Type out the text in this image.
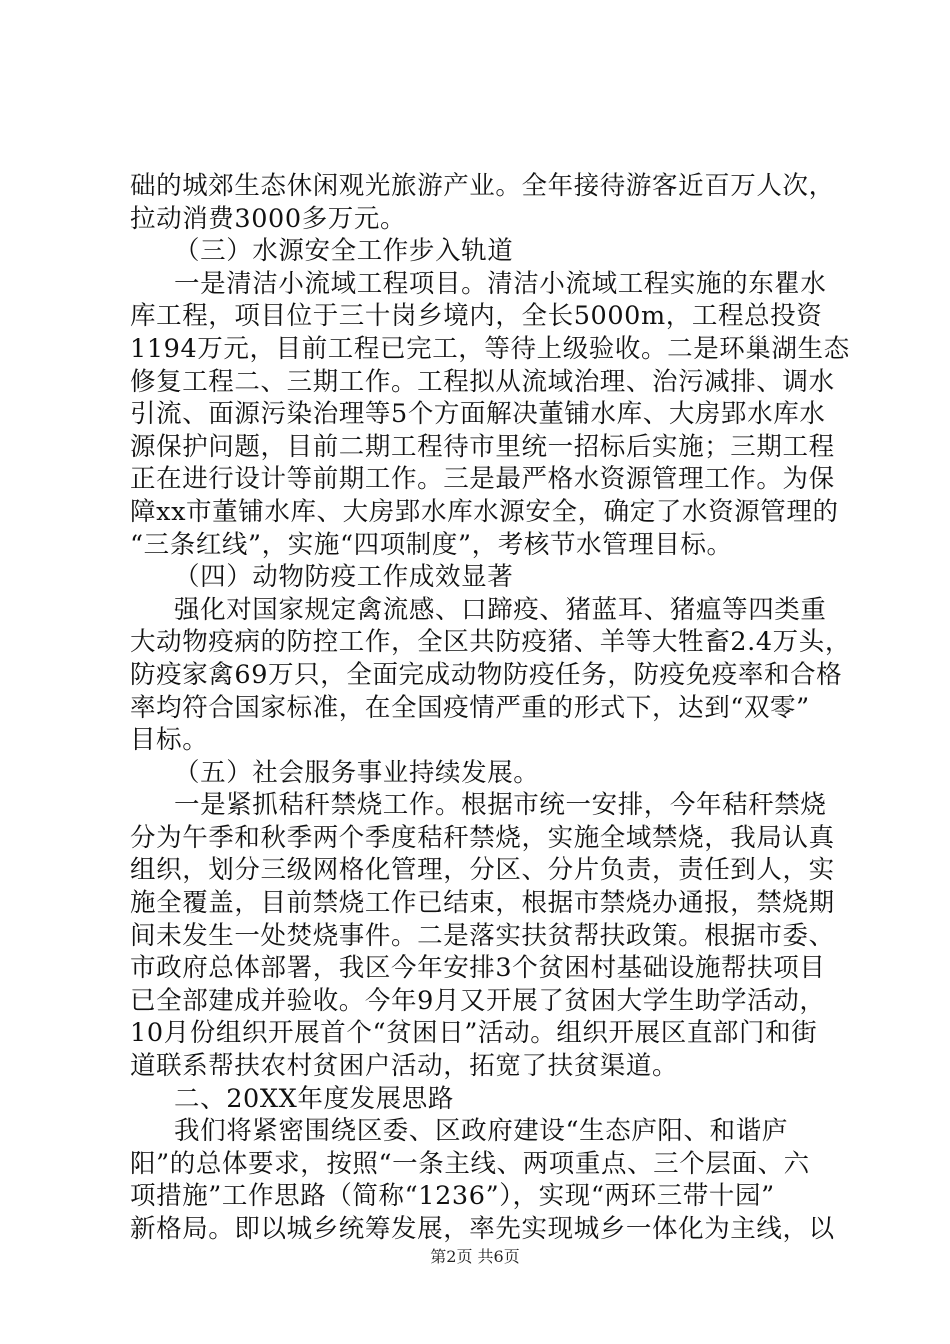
础的城郊生态休闲观光旅游产业。全年接待游客近百万人次，
拉动消费3000多万元。
（三）水源安全工作步入轨道
一是清洁小流域工程项目。清洁小流域工程实施的东瞿水
库工程，项目位于三十岗乡境内，全长5000m，工程总投资
1194万元，目前工程已完工，等待上级验收。二是环巢湖生态
修复工程二、三期工作。工程拟从流域治理、治污减排、调水
引流、面源污染治理等5个方面解决董铺水库、大房郢水库水
源保护问题，目前二期工程待市里统一招标后实施；三期工程
正在进行设计等前期工作。三是最严格水资源管理工作。为保
障xx市董铺水库、大房郢水库水源安全，确定了水资源管理的
“三条红线”，实施“四项制度”，考核节水管理目标。
（四）动物防疫工作成效显著
强化对国家规定禽流感、口蹄疫、猪蓝耳、猪瘟等四类重
大动物疫病的防控工作，全区共防疫猪、羊等大牲畜2.4万头，
防疫家禽69万只，全面完成动物防疫任务，防疫免疫率和合格
率均符合国家标准，在全国疫情严重的形式下，达到“双零”
目标。
（五）社会服务事业持续发展。
一是紧抓秸秆禁烧工作。根据市统一安排，今年秸秆禁烧
分为午季和秋季两个季度秸秆禁烧，实施全域禁烧，我局认真
组织，划分三级网格化管理，分区、分片负责，责任到人，实
施全覆盖，目前禁烧工作已结束，根据市禁烧办通报，禁烧期
间未发生一处焚烧事件。二是落实扶贫帮扶政策。根据市委、
市政府总体部署，我区今年安排3个贫困村基础设施帮扶项目
已全部建成并验收。今年9月又开展了贫困大学生助学活动，
10月份组织开展首个“贫困日”活动。组织开展区直部门和街
道联系帮扶农村贫困户活动，拓宽了扶贫渠道。
二、20XX年度发展思路
我们将紧密围绕区委、区政府建设“生态庐阳、和谐庐
阳”的总体要求，按照“一条主线、两项重点、三个层面、六
项措施”工作思路（简称“1236”），实现“两环三带十园”
新格局。即以城乡统筹发展，率先实现城乡一体化为主线，以
第2页 共6页
